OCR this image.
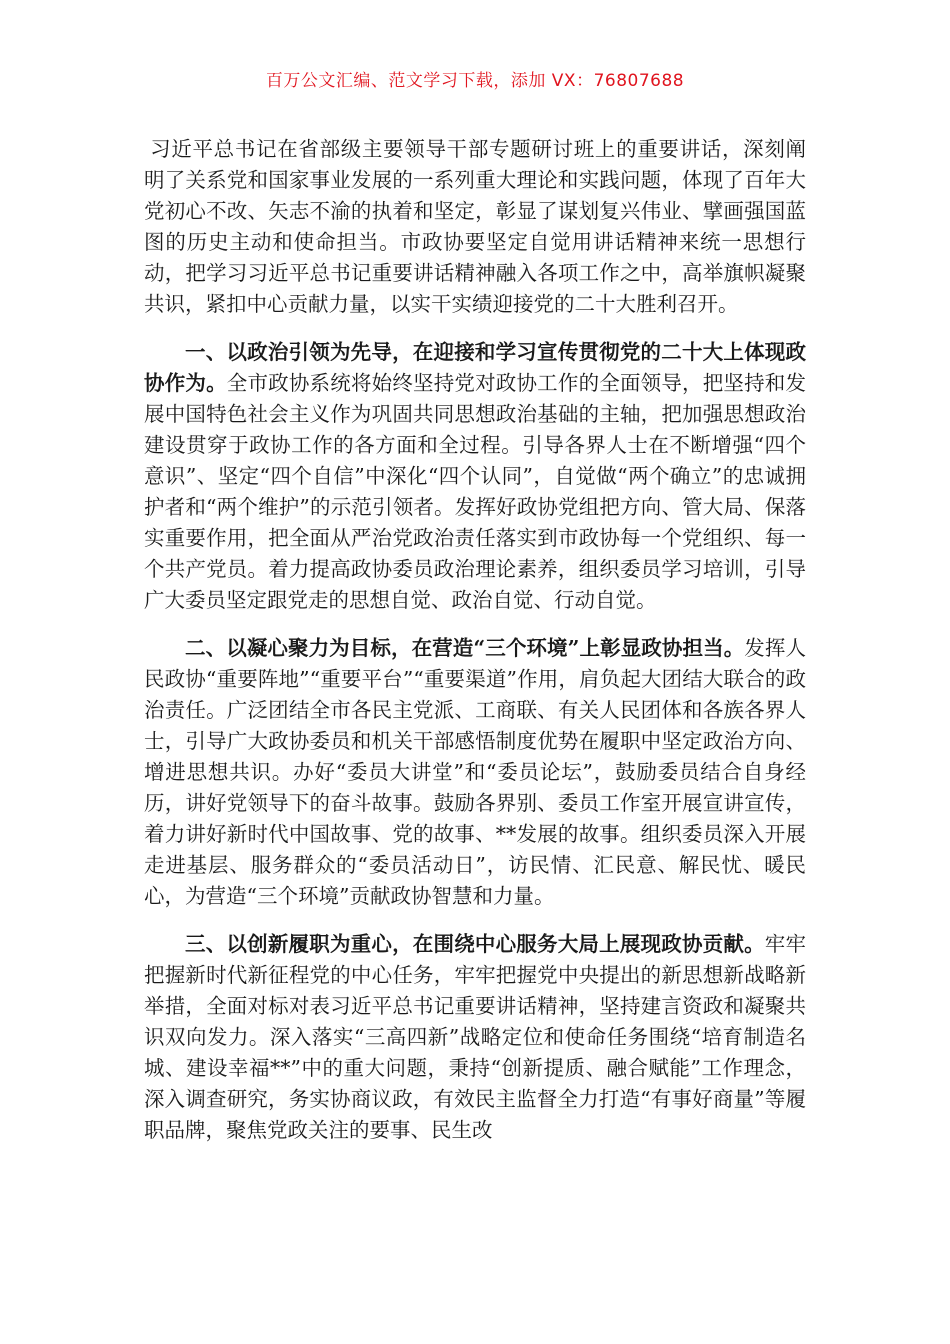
百万公文汇编、范文学习下载，添加 VX：76807688

习近平总书记在省部级主要领导干部专题研讨班上的重要讲话，深刻阐明了关系党和国家事业发展的一系列重大理论和实践问题，体现了百年大党初心不改、矢志不渝的执着和坚定，彰显了谋划复兴伟业、擘画强国蓝图的历史主动和使命担当。市政协要坚定自觉用讲话精神来统一思想行动，把学习习近平总书记重要讲话精神融入各项工作之中，高举旗帜凝聚共识，紧扣中心贡献力量，以实干实绩迎接党的二十大胜利召开。

一、以政治引领为先导，在迎接和学习宣传贯彻党的二十大上体现政协作为。全市政协系统将始终坚持党对政协工作的全面领导，把坚持和发展中国特色社会主义作为巩固共同思想政治基础的主轴，把加强思想政治建设贯穿于政协工作的各方面和全过程。引导各界人士在不断增强“四个意识”、坚定“四个自信”中深化“四个认同”，自觉做“两个确立”的忠诚拥护者和“两个维护”的示范引领者。发挥好政协党组把方向、管大局、保落实重要作用，把全面从严治党政治责任落实到市政协每一个党组织、每一个共产党员。着力提高政协委员政治理论素养，组织委员学习培训，引导广大委员坚定跟党走的思想自觉、政治自觉、行动自觉。

二、以凝心聚力为目标，在营造“三个环境”上彰显政协担当。发挥人民政协“重要阵地”“重要平台”“重要渠道”作用，肩负起大团结大联合的政治责任。广泛团结全市各民主党派、工商联、有关人民团体和各族各界人士，引导广大政协委员和机关干部感悟制度优势在履职中坚定政治方向、增进思想共识。办好“委员大讲堂”和“委员论坛”，鼓励委员结合自身经历，讲好党领导下的奋斗故事。鼓励各界别、委员工作室开展宣讲宣传，着力讲好新时代中国故事、党的故事、**发展的故事。组织委员深入开展走进基层、服务群众的“委员活动日”，访民情、汇民意、解民忧、暖民心，为营造“三个环境”贡献政协智慧和力量。

三、以创新履职为重心，在围绕中心服务大局上展现政协贡献。牢牢把握新时代新征程党的中心任务，牢牢把握党中央提出的新思想新战略新举措，全面对标对表习近平总书记重要讲话精神，坚持建言资政和凝聚共识双向发力。深入落实“三高四新”战略定位和使命任务围绕“培育制造名城、建设幸福**”中的重大问题，秉持“创新提质、融合赋能”工作理念，深入调查研究，务实协商议政，有效民主监督全力打造“有事好商量”等履职品牌，聚焦党政关注的要事、民生改
